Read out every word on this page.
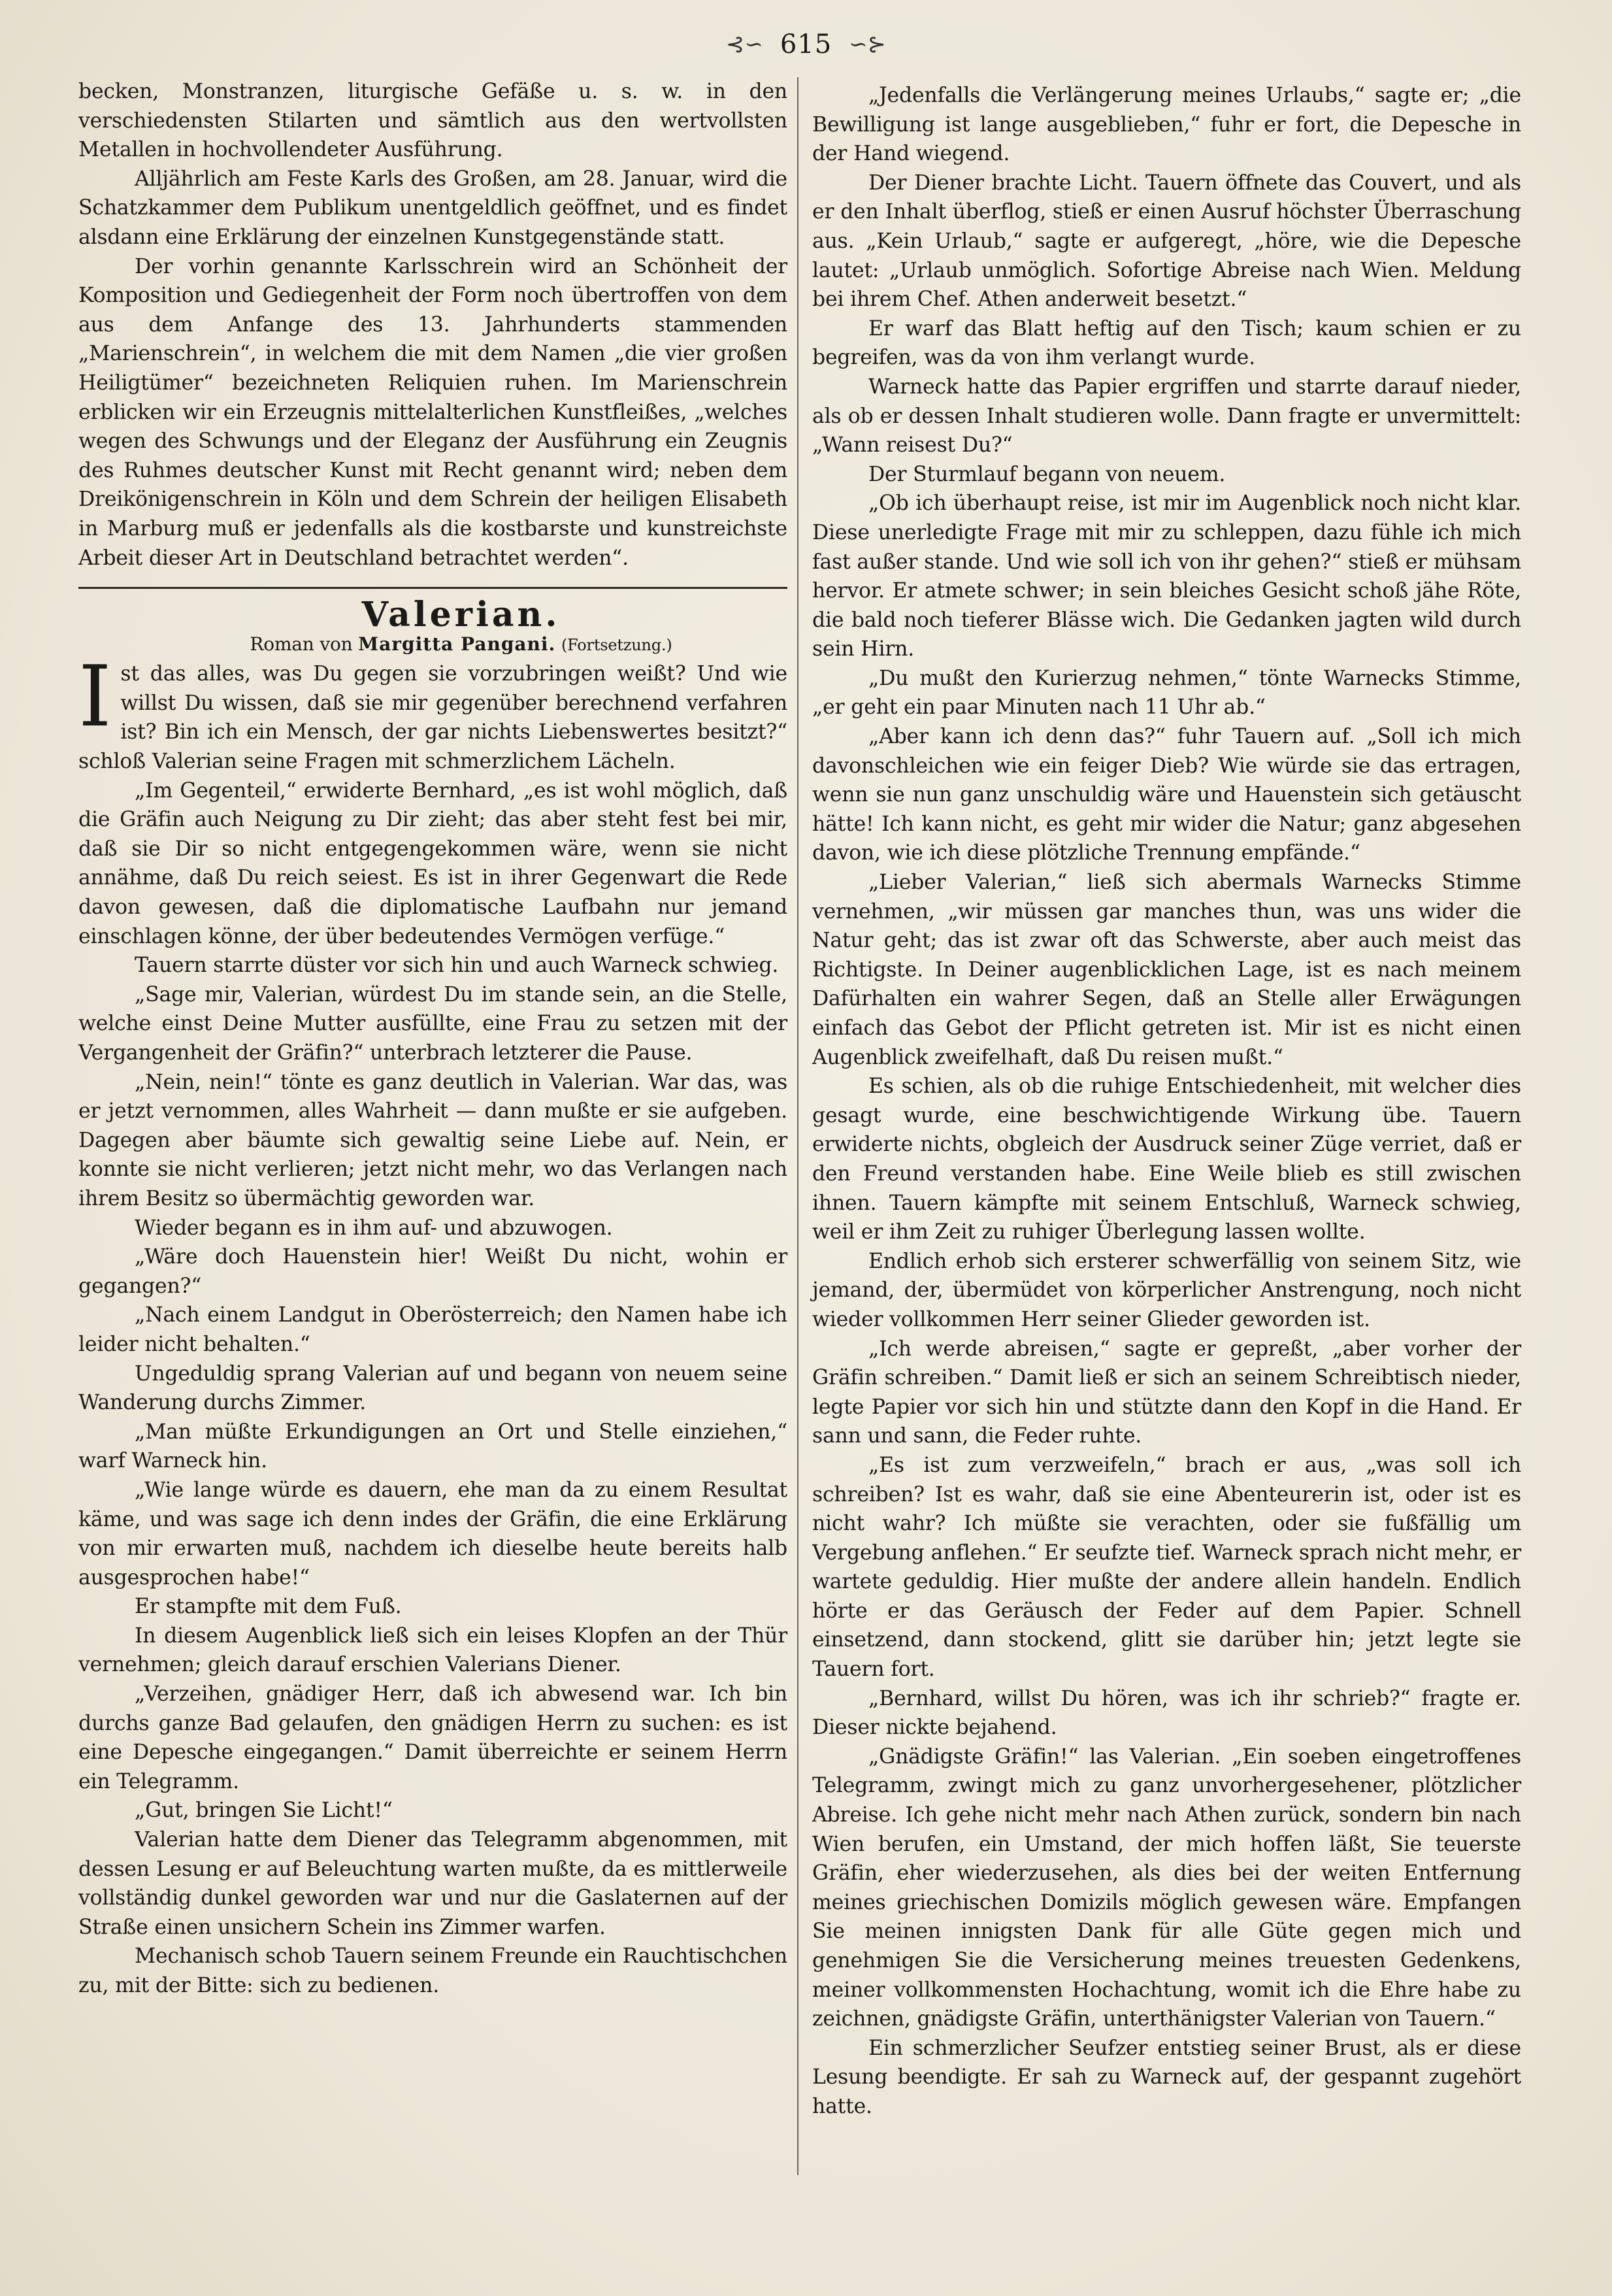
⊰∽ 615 ∽⊱

becken, Monstranzen, liturgische Gefäße u. s. w. in den verschiedensten Stilarten und sämtlich aus den wertvollsten Metallen in hochvollendeter Ausführung.

Alljährlich am Feste Karls des Großen, am 28. Januar, wird die Schatzkammer dem Publikum unentgeldlich geöffnet, und es findet alsdann eine Erklärung der einzelnen Kunstgegenstände statt.

Der vorhin genannte Karlsschrein wird an Schönheit der Komposition und Gediegenheit der Form noch übertroffen von dem aus dem Anfange des 13. Jahrhunderts stammenden „Marienschrein“, in welchem die mit dem Namen „die vier großen Heiligtümer“ bezeichneten Reliquien ruhen. Im Marienschrein erblicken wir ein Erzeugnis mittelalterlichen Kunstfleißes, „welches wegen des Schwungs und der Eleganz der Ausführung ein Zeugnis des Ruhmes deutscher Kunst mit Recht genannt wird; neben dem Dreikönigenschrein in Köln und dem Schrein der heiligen Elisabeth in Marburg muß er jedenfalls als die kostbarste und kunstreichste Arbeit dieser Art in Deutschland betrachtet werden“.

Valerian.

Roman von Margitta Pangani. (Fortsetzung.)

I st das alles, was Du gegen sie vorzubringen weißt? Und wie willst Du wissen, daß sie mir gegenüber berechnend verfahren ist? Bin ich ein Mensch, der gar nichts Liebenswertes besitzt?“ schloß Valerian seine Fragen mit schmerzlichem Lächeln.

„Im Gegenteil,“ erwiderte Bernhard, „es ist wohl möglich, daß die Gräfin auch Neigung zu Dir zieht; das aber steht fest bei mir, daß sie Dir so nicht entgegengekommen wäre, wenn sie nicht annähme, daß Du reich seiest. Es ist in ihrer Gegenwart die Rede davon gewesen, daß die diplomatische Laufbahn nur jemand einschlagen könne, der über bedeutendes Vermögen verfüge.“

Tauern starrte düster vor sich hin und auch Warneck schwieg.

„Sage mir, Valerian, würdest Du im stande sein, an die Stelle, welche einst Deine Mutter ausfüllte, eine Frau zu setzen mit der Vergangenheit der Gräfin?“ unterbrach letzterer die Pause.

„Nein, nein!“ tönte es ganz deutlich in Valerian. War das, was er jetzt vernommen, alles Wahrheit — dann mußte er sie aufgeben. Dagegen aber bäumte sich gewaltig seine Liebe auf. Nein, er konnte sie nicht verlieren; jetzt nicht mehr, wo das Verlangen nach ihrem Besitz so übermächtig geworden war.

Wieder begann es in ihm auf- und abzuwogen.

„Wäre doch Hauenstein hier! Weißt Du nicht, wohin er gegangen?“

„Nach einem Landgut in Oberösterreich; den Namen habe ich leider nicht behalten.“

Ungeduldig sprang Valerian auf und begann von neuem seine Wanderung durchs Zimmer.

„Man müßte Erkundigungen an Ort und Stelle einziehen,“ warf Warneck hin.

„Wie lange würde es dauern, ehe man da zu einem Resultat käme, und was sage ich denn indes der Gräfin, die eine Erklärung von mir erwarten muß, nachdem ich dieselbe heute bereits halb ausgesprochen habe!“

Er stampfte mit dem Fuß.

In diesem Augenblick ließ sich ein leises Klopfen an der Thür vernehmen; gleich darauf erschien Valerians Diener.

„Verzeihen, gnädiger Herr, daß ich abwesend war. Ich bin durchs ganze Bad gelaufen, den gnädigen Herrn zu suchen: es ist eine Depesche eingegangen.“ Damit überreichte er seinem Herrn ein Telegramm.

„Gut, bringen Sie Licht!“

Valerian hatte dem Diener das Telegramm abgenommen, mit dessen Lesung er auf Beleuchtung warten mußte, da es mittlerweile vollständig dunkel geworden war und nur die Gaslaternen auf der Straße einen unsichern Schein ins Zimmer warfen.

Mechanisch schob Tauern seinem Freunde ein Rauchtischchen zu, mit der Bitte: sich zu bedienen.

„Jedenfalls die Verlängerung meines Urlaubs,“ sagte er; „die Bewilligung ist lange ausgeblieben,“ fuhr er fort, die Depesche in der Hand wiegend.

Der Diener brachte Licht. Tauern öffnete das Couvert, und als er den Inhalt überflog, stieß er einen Ausruf höchster Überraschung aus. „Kein Urlaub,“ sagte er aufgeregt, „höre, wie die Depesche lautet: „Urlaub unmöglich. Sofortige Abreise nach Wien. Meldung bei ihrem Chef. Athen anderweit besetzt.“

Er warf das Blatt heftig auf den Tisch; kaum schien er zu begreifen, was da von ihm verlangt wurde.

Warneck hatte das Papier ergriffen und starrte darauf nieder, als ob er dessen Inhalt studieren wolle. Dann fragte er unvermittelt: „Wann reisest Du?“

Der Sturmlauf begann von neuem.

„Ob ich überhaupt reise, ist mir im Augenblick noch nicht klar. Diese unerledigte Frage mit mir zu schleppen, dazu fühle ich mich fast außer stande. Und wie soll ich von ihr gehen?“ stieß er mühsam hervor. Er atmete schwer; in sein bleiches Gesicht schoß jähe Röte, die bald noch tieferer Blässe wich. Die Gedanken jagten wild durch sein Hirn.

„Du mußt den Kurierzug nehmen,“ tönte Warnecks Stimme, „er geht ein paar Minuten nach 11 Uhr ab.“

„Aber kann ich denn das?“ fuhr Tauern auf. „Soll ich mich davonschleichen wie ein feiger Dieb? Wie würde sie das ertragen, wenn sie nun ganz unschuldig wäre und Hauenstein sich getäuscht hätte! Ich kann nicht, es geht mir wider die Natur; ganz abgesehen davon, wie ich diese plötzliche Trennung empfände.“

„Lieber Valerian,“ ließ sich abermals Warnecks Stimme vernehmen, „wir müssen gar manches thun, was uns wider die Natur geht; das ist zwar oft das Schwerste, aber auch meist das Richtigste. In Deiner augenblicklichen Lage, ist es nach meinem Dafürhalten ein wahrer Segen, daß an Stelle aller Erwägungen einfach das Gebot der Pflicht getreten ist. Mir ist es nicht einen Augenblick zweifelhaft, daß Du reisen mußt.“

Es schien, als ob die ruhige Entschiedenheit, mit welcher dies gesagt wurde, eine beschwichtigende Wirkung übe. Tauern erwiderte nichts, obgleich der Ausdruck seiner Züge verriet, daß er den Freund verstanden habe. Eine Weile blieb es still zwischen ihnen. Tauern kämpfte mit seinem Entschluß, Warneck schwieg, weil er ihm Zeit zu ruhiger Überlegung lassen wollte.

Endlich erhob sich ersterer schwerfällig von seinem Sitz, wie jemand, der, übermüdet von körperlicher Anstrengung, noch nicht wieder vollkommen Herr seiner Glieder geworden ist.

„Ich werde abreisen,“ sagte er gepreßt, „aber vorher der Gräfin schreiben.“ Damit ließ er sich an seinem Schreibtisch nieder, legte Papier vor sich hin und stützte dann den Kopf in die Hand. Er sann und sann, die Feder ruhte.

„Es ist zum verzweifeln,“ brach er aus, „was soll ich schreiben? Ist es wahr, daß sie eine Abenteurerin ist, oder ist es nicht wahr? Ich müßte sie verachten, oder sie fußfällig um Vergebung anflehen.“ Er seufzte tief. Warneck sprach nicht mehr, er wartete geduldig. Hier mußte der andere allein handeln. Endlich hörte er das Geräusch der Feder auf dem Papier. Schnell einsetzend, dann stockend, glitt sie darüber hin; jetzt legte sie Tauern fort.

„Bernhard, willst Du hören, was ich ihr schrieb?“ fragte er. Dieser nickte bejahend.

„Gnädigste Gräfin!“ las Valerian. „Ein soeben eingetroffenes Telegramm, zwingt mich zu ganz unvorhergesehener, plötzlicher Abreise. Ich gehe nicht mehr nach Athen zurück, sondern bin nach Wien berufen, ein Umstand, der mich hoffen läßt, Sie teuerste Gräfin, eher wiederzusehen, als dies bei der weiten Entfernung meines griechischen Domizils möglich gewesen wäre. Empfangen Sie meinen innigsten Dank für alle Güte gegen mich und genehmigen Sie die Versicherung meines treuesten Gedenkens, meiner vollkommensten Hochachtung, womit ich die Ehre habe zu zeichnen, gnädigste Gräfin, unterthänigster Valerian von Tauern.“

Ein schmerzlicher Seufzer entstieg seiner Brust, als er diese Lesung beendigte. Er sah zu Warneck auf, der gespannt zugehört hatte.
